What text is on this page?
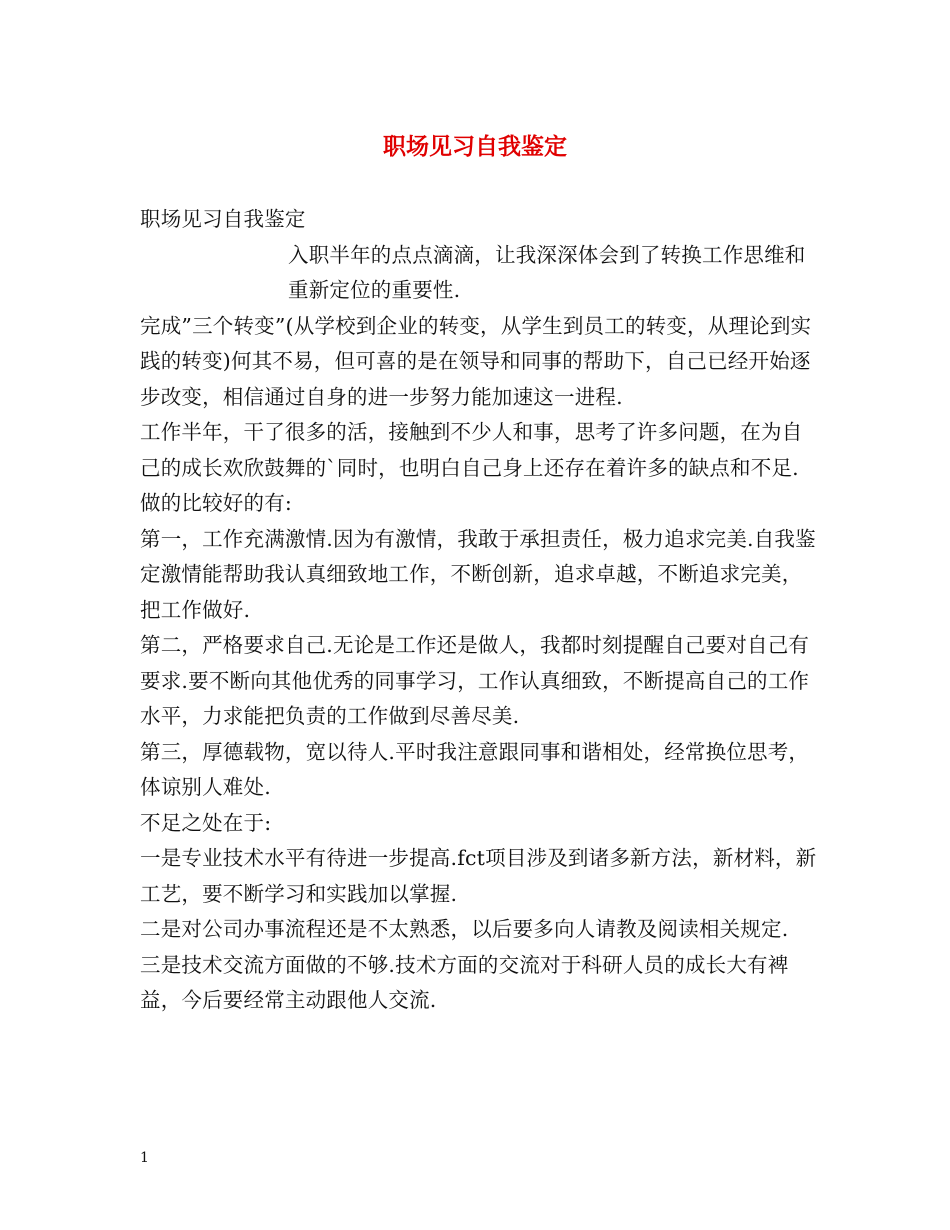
职场见习自我鉴定

职场见习自我鉴定

入职半年的点点滴滴，让我深深体会到了转换工作思维和重新定位的重要性.

完成”三个转变”(从学校到企业的转变，从学生到员工的转变，从理论到实践的转变)何其不易，但可喜的是在领导和同事的帮助下，自己已经开始逐步改变，相信通过自身的进一步努力能加速这一进程.

工作半年，干了很多的活，接触到不少人和事，思考了许多问题，在为自己的成长欢欣鼓舞的`同时，也明白自己身上还存在着许多的缺点和不足.

做的比较好的有:

第一，工作充满激情.因为有激情，我敢于承担责任，极力追求完美.自我鉴定激情能帮助我认真细致地工作，不断创新，追求卓越，不断追求完美，把工作做好.

第二，严格要求自己.无论是工作还是做人，我都时刻提醒自己要对自己有要求.要不断向其他优秀的同事学习，工作认真细致，不断提高自己的工作水平，力求能把负责的工作做到尽善尽美.

第三，厚德载物，宽以待人.平时我注意跟同事和谐相处，经常换位思考，体谅别人难处.

不足之处在于:

一是专业技术水平有待进一步提高.fct项目涉及到诸多新方法，新材料，新工艺，要不断学习和实践加以掌握.

二是对公司办事流程还是不太熟悉，以后要多向人请教及阅读相关规定.

三是技术交流方面做的不够.技术方面的交流对于科研人员的成长大有裨益，今后要经常主动跟他人交流.

1
